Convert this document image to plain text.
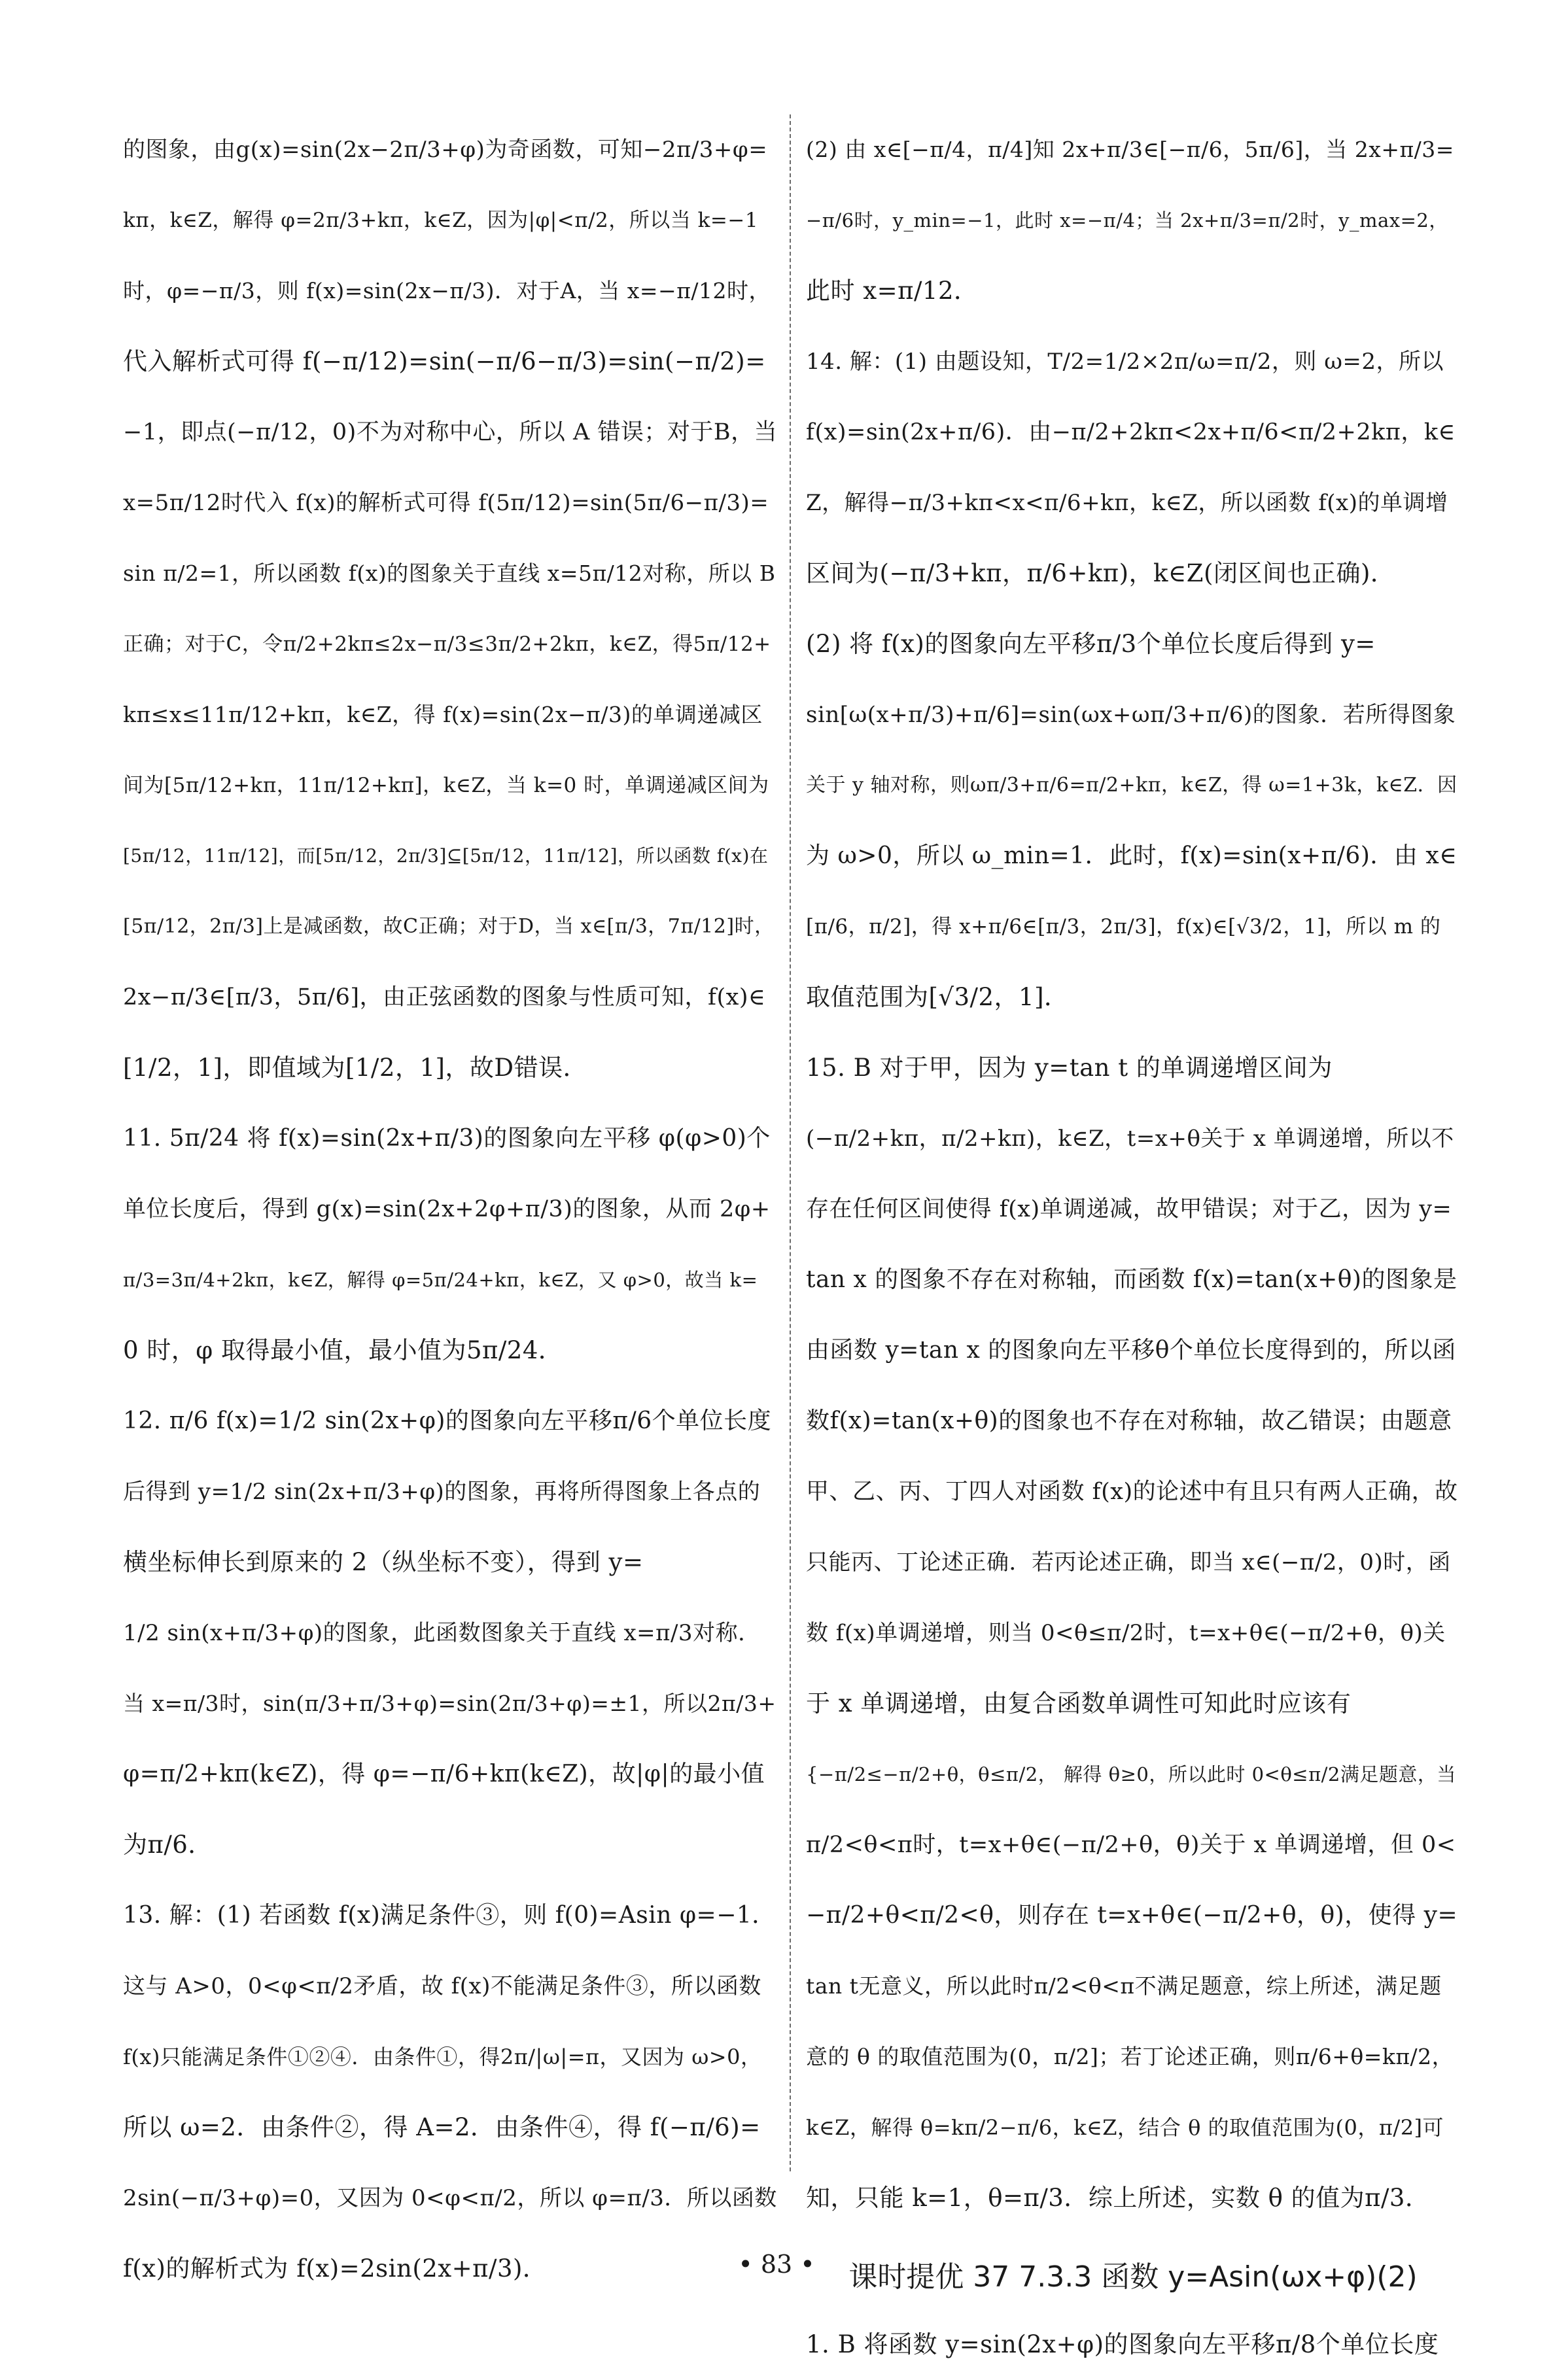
的图象，由g(x)=sin(2x−2π/3+φ)为奇函数，可知−2π/3+φ=
kπ，k∈Z，解得 φ=2π/3+kπ，k∈Z，因为|φ|<π/2，所以当 k=−1
时，φ=−π/3，则 f(x)=sin(2x−π/3)．对于A，当 x=−π/12时，
代入解析式可得 f(−π/12)=sin(−π/6−π/3)=sin(−π/2)=
−1，即点(−π/12，0)不为对称中心，所以 A 错误；对于B，当
x=5π/12时代入 f(x)的解析式可得 f(5π/12)=sin(5π/6−π/3)=
sin π/2=1，所以函数 f(x)的图象关于直线 x=5π/12对称，所以 B
正确；对于C，令π/2+2kπ≤2x−π/3≤3π/2+2kπ，k∈Z，得5π/12+
kπ≤x≤11π/12+kπ，k∈Z，得 f(x)=sin(2x−π/3)的单调递减区
间为[5π/12+kπ，11π/12+kπ]，k∈Z，当 k=0 时，单调递减区间为
[5π/12，11π/12]，而[5π/12，2π/3]⊆[5π/12，11π/12]，所以函数 f(x)在
[5π/12，2π/3]上是减函数，故C正确；对于D，当 x∈[π/3，7π/12]时，
2x−π/3∈[π/3，5π/6]，由正弦函数的图象与性质可知，f(x)∈
[1/2，1]，即值域为[1/2，1]，故D错误．
11. 5π/24 将 f(x)=sin(2x+π/3)的图象向左平移 φ(φ>0)个
单位长度后，得到 g(x)=sin(2x+2φ+π/3)的图象，从而 2φ+
π/3=3π/4+2kπ，k∈Z，解得 φ=5π/24+kπ，k∈Z，又 φ>0，故当 k=
0 时，φ 取得最小值，最小值为5π/24．
12. π/6 f(x)=1/2 sin(2x+φ)的图象向左平移π/6个单位长度
后得到 y=1/2 sin(2x+π/3+φ)的图象，再将所得图象上各点的
横坐标伸长到原来的 2（纵坐标不变），得到 y=
1/2 sin(x+π/3+φ)的图象，此函数图象关于直线 x=π/3对称．
当 x=π/3时，sin(π/3+π/3+φ)=sin(2π/3+φ)=±1，所以2π/3+
φ=π/2+kπ(k∈Z)，得 φ=−π/6+kπ(k∈Z)，故|φ|的最小值
为π/6．
13. 解：(1) 若函数 f(x)满足条件③，则 f(0)=Asin φ=−1．
这与 A>0，0<φ<π/2矛盾，故 f(x)不能满足条件③，所以函数
f(x)只能满足条件①②④．由条件①，得2π/|ω|=π，又因为 ω>0，
所以 ω=2．由条件②，得 A=2．由条件④，得 f(−π/6)=
2sin(−π/3+φ)=0，又因为 0<φ<π/2，所以 φ=π/3．所以函数
f(x)的解析式为 f(x)=2sin(2x+π/3)．
(2) 由 x∈[−π/4，π/4]知 2x+π/3∈[−π/6，5π/6]，当 2x+π/3=
−π/6时，y_min=−1，此时 x=−π/4；当 2x+π/3=π/2时，y_max=2，
此时 x=π/12．
14. 解：(1) 由题设知，T/2=1/2×2π/ω=π/2，则 ω=2，所以
f(x)=sin(2x+π/6)．由−π/2+2kπ<2x+π/6<π/2+2kπ，k∈
Z，解得−π/3+kπ<x<π/6+kπ，k∈Z，所以函数 f(x)的单调增
区间为(−π/3+kπ，π/6+kπ)，k∈Z(闭区间也正确)．
(2) 将 f(x)的图象向左平移π/3个单位长度后得到 y=
sin[ω(x+π/3)+π/6]=sin(ωx+ωπ/3+π/6)的图象．若所得图象
关于 y 轴对称，则ωπ/3+π/6=π/2+kπ，k∈Z，得 ω=1+3k，k∈Z．因
为 ω>0，所以 ω_min=1．此时，f(x)=sin(x+π/6)．由 x∈
[π/6，π/2]，得 x+π/6∈[π/3，2π/3]，f(x)∈[√3/2，1]，所以 m 的
取值范围为[√3/2，1]．
15. B 对于甲，因为 y=tan t 的单调递增区间为
(−π/2+kπ，π/2+kπ)，k∈Z，t=x+θ关于 x 单调递增，所以不
存在任何区间使得 f(x)单调递减，故甲错误；对于乙，因为 y=
tan x 的图象不存在对称轴，而函数 f(x)=tan(x+θ)的图象是
由函数 y=tan x 的图象向左平移θ个单位长度得到的，所以函
数f(x)=tan(x+θ)的图象也不存在对称轴，故乙错误；由题意
甲、乙、丙、丁四人对函数 f(x)的论述中有且只有两人正确，故
只能丙、丁论述正确．若丙论述正确，即当 x∈(−π/2，0)时，函
数 f(x)单调递增，则当 0<θ≤π/2时，t=x+θ∈(−π/2+θ，θ)关
于 x 单调递增，由复合函数单调性可知此时应该有
{−π/2≤−π/2+θ，θ≤π/2， 解得 θ≥0，所以此时 0<θ≤π/2满足题意，当
π/2<θ<π时，t=x+θ∈(−π/2+θ，θ)关于 x 单调递增，但 0<
−π/2+θ<π/2<θ，则存在 t=x+θ∈(−π/2+θ，θ)，使得 y=
tan t无意义，所以此时π/2<θ<π不满足题意，综上所述，满足题
意的 θ 的取值范围为(0，π/2]；若丁论述正确，则π/6+θ=kπ/2，
k∈Z，解得 θ=kπ/2−π/6，k∈Z，结合 θ 的取值范围为(0，π/2]可
知，只能 k=1，θ=π/3．综上所述，实数 θ 的值为π/3．
课时提优 37 7.3.3 函数 y=Asin(ωx+φ)(2)
1. B 将函数 y=sin(2x+φ)的图象向左平移π/8个单位长度
• 83 •
